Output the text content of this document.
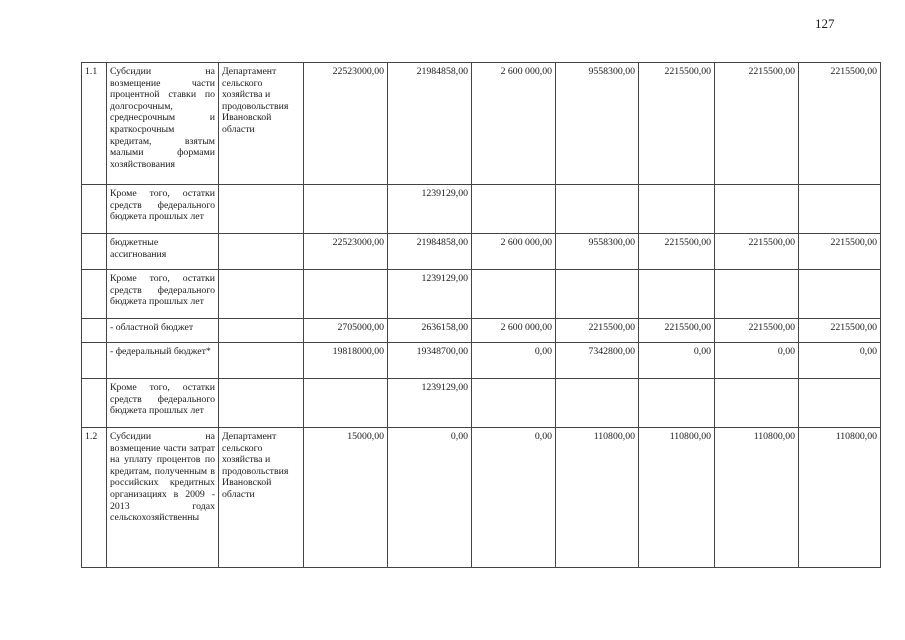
127
1.1	Субсидии на возмещение части процентной ставки по долгосрочным, среднесрочным и краткосрочным кредитам, взятым малыми формами хозяйствования	Департамент сельского хозяйства и продовольствия Ивановской области	22523000,00	21984858,00	2 600 000,00	9558300,00	2215500,00	2215500,00	2215500,00
	Кроме того, остатки средств федерального бюджета прошлых лет			1239129,00					
	бюджетные ассигнования		22523000,00	21984858,00	2 600 000,00	9558300,00	2215500,00	2215500,00	2215500,00
	Кроме того, остатки средств федерального бюджета прошлых лет			1239129,00					
	- областной бюджет		2705000,00	2636158,00	2 600 000,00	2215500,00	2215500,00	2215500,00	2215500,00
	- федеральный бюджет*		19818000,00	19348700,00	0,00	7342800,00	0,00	0,00	0,00
	Кроме того, остатки средств федерального бюджета прошлых лет			1239129,00					
1.2	Субсидии на возмещение части затрат на уплату процентов по кредитам, полученным в российских кредитных организациях в 2009 - 2013 годах сельскохозяйственны	Департамент сельского хозяйства и продовольствия Ивановской области	15000,00	0,00	0,00	110800,00	110800,00	110800,00	110800,00
